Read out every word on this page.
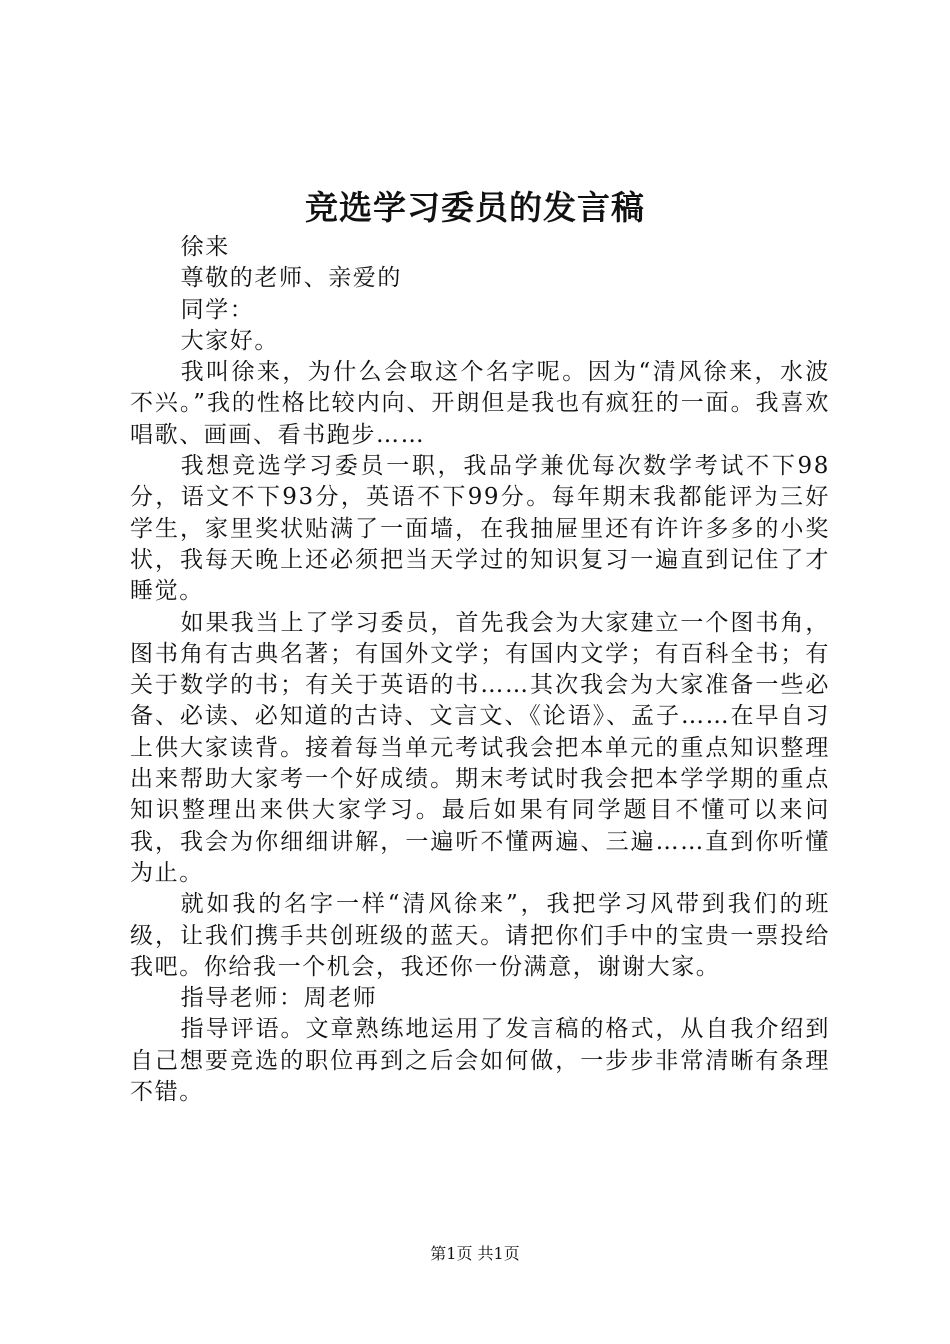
竞选学习委员的发言稿

徐来

尊敬的老师、亲爱的

同学：

大家好。

我叫徐来，为什么会取这个名字呢。因为“清风徐来，水波不兴。”我的性格比较内向、开朗但是我也有疯狂的一面。我喜欢唱歌、画画、看书跑步……

我想竞选学习委员一职，我品学兼优每次数学考试不下98分，语文不下93分，英语不下99分。每年期末我都能评为三好学生，家里奖状贴满了一面墙，在我抽屉里还有许许多多的小奖状，我每天晚上还必须把当天学过的知识复习一遍直到记住了才睡觉。

如果我当上了学习委员，首先我会为大家建立一个图书角，图书角有古典名著；有国外文学；有国内文学；有百科全书；有关于数学的书；有关于英语的书……其次我会为大家准备一些必备、必读、必知道的古诗、文言文、《论语》、孟子……在早自习上供大家读背。接着每当单元考试我会把本单元的重点知识整理出来帮助大家考一个好成绩。期末考试时我会把本学学期的重点知识整理出来供大家学习。最后如果有同学题目不懂可以来问我，我会为你细细讲解，一遍听不懂两遍、三遍……直到你听懂为止。

就如我的名字一样“清风徐来”，我把学习风带到我们的班级，让我们携手共创班级的蓝天。请把你们手中的宝贵一票投给我吧。你给我一个机会，我还你一份满意，谢谢大家。

指导老师：周老师

指导评语。文章熟练地运用了发言稿的格式，从自我介绍到自己想要竞选的职位再到之后会如何做，一步步非常清晰有条理不错。

第1页 共1页
